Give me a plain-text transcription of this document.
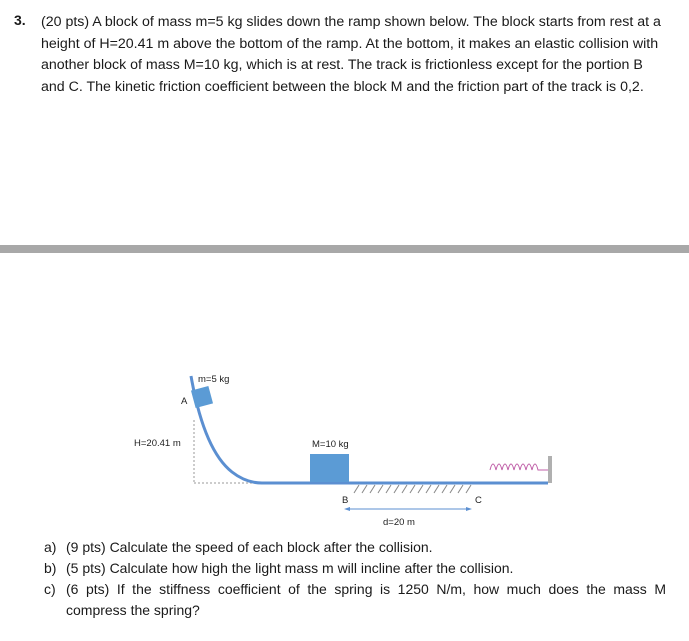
3. (20 pts) A block of mass m=5 kg slides down the ramp shown below. The block starts from rest at a height of H=20.41 m above the bottom of the ramp. At the bottom, it makes an elastic collision with another block of mass M=10 kg, which is at rest. The track is frictionless except for the portion B and C. The kinetic friction coefficient between the block M and the friction part of the track is 0,2.
m=5 kg
A
H=20.41 m	M=10 kg
B	C
d=20 m
a) (9 pts) Calculate the speed of each block after the collision.
b) (5 pts) Calculate how high the light mass m will incline after the collision.
c) (6 pts) If the stiffness coefficient of the spring is 1250 N/m, how much does the mass M compress the spring?
